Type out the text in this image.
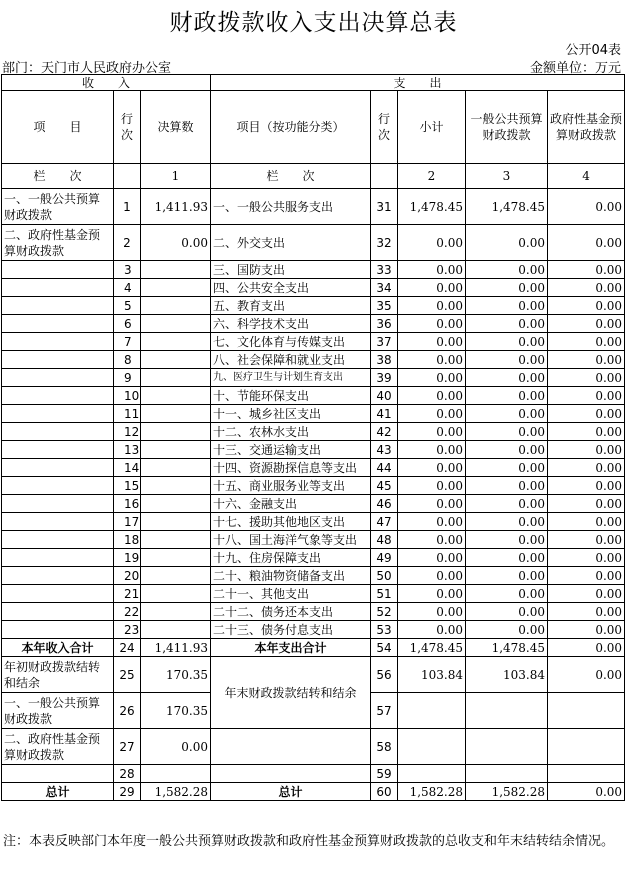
财政拨款收入支出决算总表
公开04表
部门：天门市人民政府办公室	金额单位：万元
收　　入			支　　出				
项　　目	行次	决算数	项目（按功能分类）	行次	小计	一般公共预算财政拨款	政府性基金预算财政拨款
栏　　次		1	栏　　次		2	3	4
一、一般公共预算财政拨款	1	1,411.93	一、一般公共服务支出	31	1,478.45	1,478.45	0.00
二、政府性基金预算财政拨款	2	0.00	二、外交支出	32	0.00	0.00	0.00
	3		三、国防支出	33	0.00	0.00	0.00
	4		四、公共安全支出	34	0.00	0.00	0.00
	5		五、教育支出	35	0.00	0.00	0.00
	6		六、科学技术支出	36	0.00	0.00	0.00
	7		七、文化体育与传媒支出	37	0.00	0.00	0.00
	8		八、社会保障和就业支出	38	0.00	0.00	0.00
	9		九、医疗卫生与计划生育支出	39	0.00	0.00	0.00
	10		十、节能环保支出	40	0.00	0.00	0.00
	11		十一、城乡社区支出	41	0.00	0.00	0.00
	12		十二、农林水支出	42	0.00	0.00	0.00
	13		十三、交通运输支出	43	0.00	0.00	0.00
	14		十四、资源勘探信息等支出	44	0.00	0.00	0.00
	15		十五、商业服务业等支出	45	0.00	0.00	0.00
	16		十六、金融支出	46	0.00	0.00	0.00
	17		十七、援助其他地区支出	47	0.00	0.00	0.00
	18		十八、国土海洋气象等支出	48	0.00	0.00	0.00
	19		十九、住房保障支出	49	0.00	0.00	0.00
	20		二十、粮油物资储备支出	50	0.00	0.00	0.00
	21		二十一、其他支出	51	0.00	0.00	0.00
	22		二十二、债务还本支出	52	0.00	0.00	0.00
	23		二十三、债务付息支出	53	0.00	0.00	0.00
本年收入合计	24	1,411.93	本年支出合计	54	1,478.45	1,478.45	0.00
年初财政拨款结转和结余	25	170.35	年末财政拨款结转和结余	56	103.84	103.84	0.00
一、一般公共预算财政拨款	26	170.35		57			
二、政府性基金预算财政拨款	27	0.00		58			
	28			59			
总计	29	1,582.28	总计	60	1,582.28	1,582.28	0.00
注：本表反映部门本年度一般公共预算财政拨款和政府性基金预算财政拨款的总收支和年末结转结余情况。
